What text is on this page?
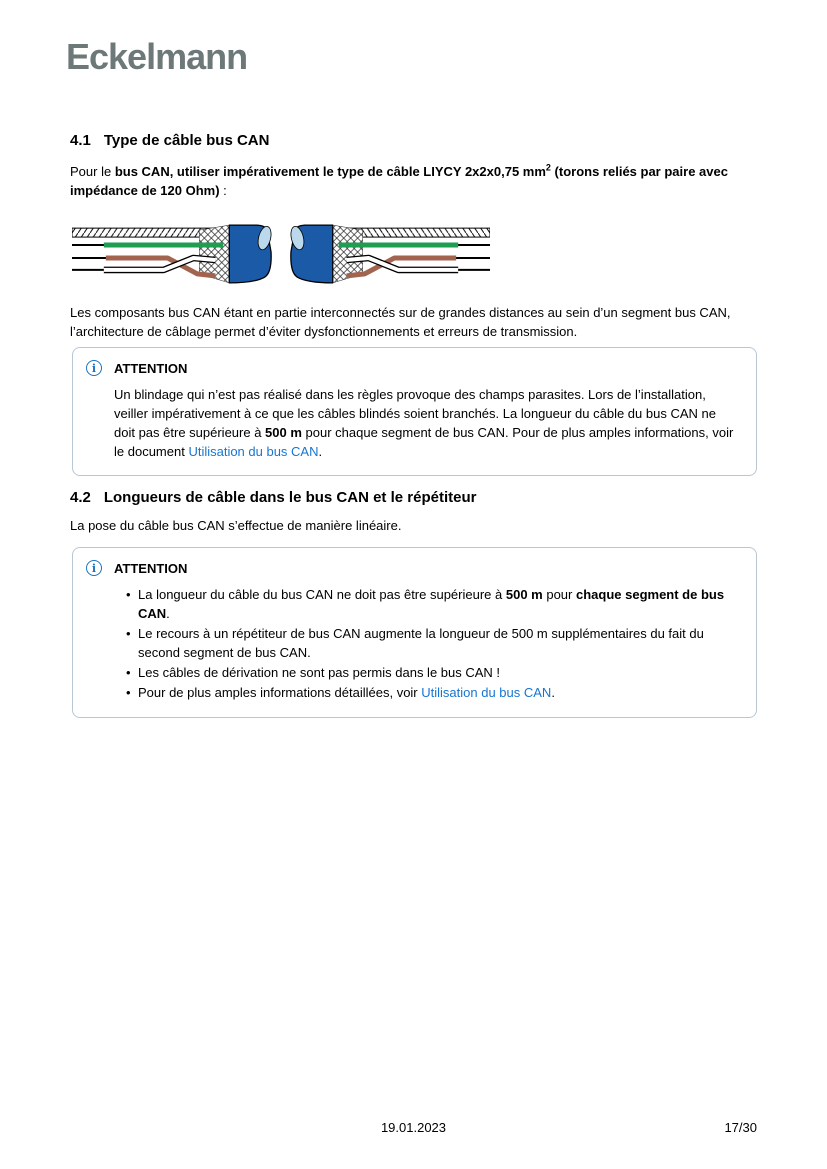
Eckelmann
4.1 Type de câble bus CAN

Pour le bus CAN, utiliser impérativement le type de câble LIYCY 2x2x0,75 $mm^2$ (torons reliés par paire avec impédance de 120 Ohm) :

Les composants bus CAN étant en partie interconnectés sur de grandes distances au sein d’un segment bus CAN, l’architecture de câblage permet d’éviter dysfonctionnements et erreurs de transmission.

i	ATTENTION
Un blindage qui n’est pas réalisé dans les règles provoque des champs parasites. Lors de l’installation, veiller impérativement à ce que les câbles blindés soient branchés. La longueur du câble du bus CAN ne doit pas être supérieure à 500 m pour chaque segment de bus CAN. Pour de plus amples informations, voir le document Utilisation du bus CAN.
4.2 Longueurs de câble dans le bus CAN et le répétiteur

La pose du câble bus CAN s’effectue de manière linéaire.

i	ATTENTION
• La longueur du câble du bus CAN ne doit pas être supérieure à 500 m pour chaque segment de bus CAN.
• Le recours à un répétiteur de bus CAN augmente la longueur de 500 m supplémentaires du fait du second segment de bus CAN.
• Les câbles de dérivation ne sont pas permis dans le bus CAN !
• Pour de plus amples informations détaillées, voir Utilisation du bus CAN.
19.01.2023	17/30
